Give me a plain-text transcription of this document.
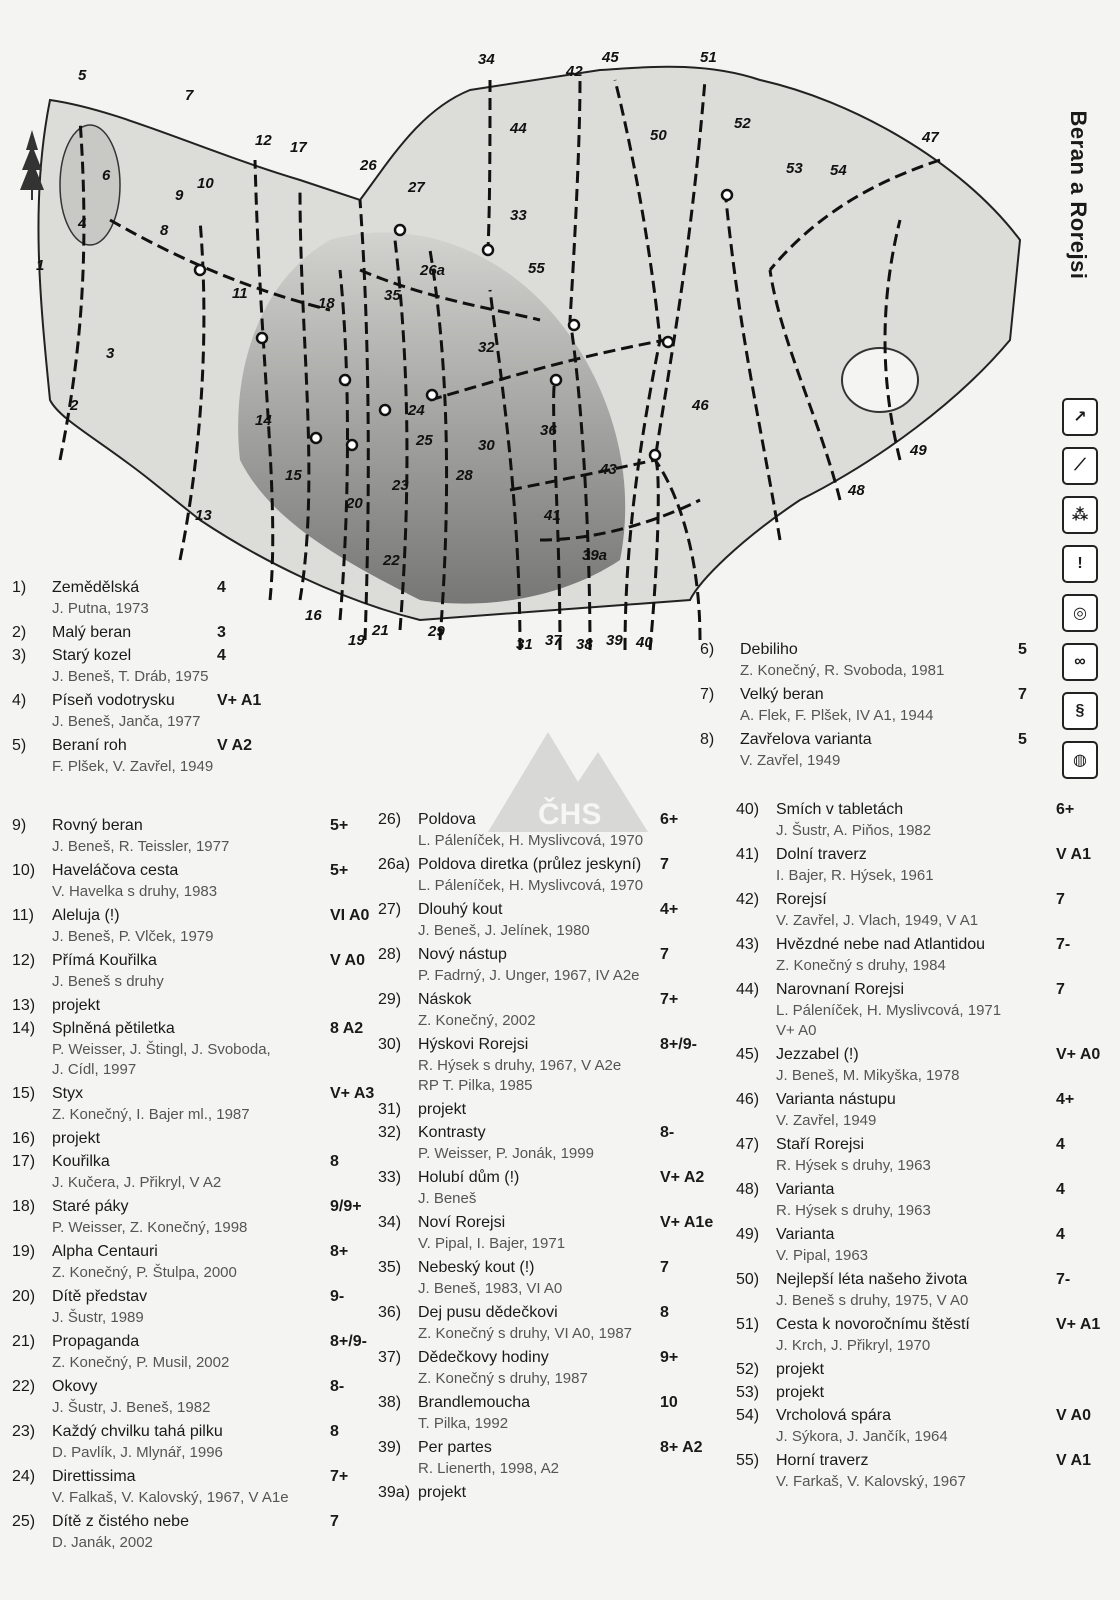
1
2
3
4
5
6
7
8
9
10
11
12
13
14
15
16
17
18
19
20
21
22
23
24
25
26
26a
27
28
29
30
31
32
33
34
35
36
37 38 39
39a
40
41
42
43
44
45
46
47
48
49
50
51
52
53 54
55	Beran a Rorejsi
↗
⟋
⁂
!
◎
∞
§
◍
ČHS
1) Zemědělská	4
J. Putna, 1973
2) Malý beran	3
3) Starý kozel	4
J. Beneš, T. Dráb, 1975
4) Píseň vodotrysku	V+ A1
J. Beneš, Janča, 1977
5) Beraní roh	V A2
F. Plšek, V. Zavřel, 1949
6) Debiliho	5
Z. Konečný, R. Svoboda, 1981
7) Velký beran	7
A. Flek, F. Plšek, IV A1, 1944
8) Zavřelova varianta	5
V. Zavřel, 1949
9) Rovný beran	5+
J. Beneš, R. Teissler, 1977
10) Haveláčova cesta	5+
V. Havelka s druhy, 1983
11) Aleluja (!)	VI A0
J. Beneš, P. Vlček, 1979
12) Přímá Kouřilka	V A0
J. Beneš s druhy
13) projekt
14) Splněná pětiletka	8 A2
P. Weisser, J. Štingl, J. Svoboda,
J. Cídl, 1997
15) Styx	V+ A3
Z. Konečný, I. Bajer ml., 1987
16) projekt
17) Kouřilka	8
J. Kučera, J. Přikryl, V A2
18) Staré páky	9/9+
P. Weisser, Z. Konečný, 1998
19) Alpha Centauri	8+
Z. Konečný, P. Štulpa, 2000
20) Dítě představ	9-
J. Šustr, 1989
21) Propaganda	8+/9-
Z. Konečný, P. Musil, 2002
22) Okovy	8-
J. Šustr, J. Beneš, 1982
23) Každý chvilku tahá pilku	8
D. Pavlík, J. Mlynář, 1996
24) Direttissima	7+
V. Falkaš, V. Kalovský, 1967, V A1e
25) Dítě z čistého nebe	7
D. Janák, 2002
26) Poldova	6+
L. Páleníček, H. Myslivcová, 1970
26a) Poldova diretka (průlez jeskyní) 7
L. Páleníček, H. Myslivcová, 1970
27) Dlouhý kout	4+
J. Beneš, J. Jelínek, 1980
28) Nový nástup	7
P. Fadrný, J. Unger, 1967, IV A2e
29) Náskok	7+
Z. Konečný, 2002
30) Hýskovi Rorejsi	8+/9-
R. Hýsek s druhy, 1967, V A2e
RP T. Pilka, 1985
31) projekt
32) Kontrasty	8-
P. Weisser, P. Jonák, 1999
33) Holubí dům (!)	V+ A2
J. Beneš
34) Noví Rorejsi	V+ A1e
V. Pipal, I. Bajer, 1971
35) Nebeský kout (!)	7
J. Beneš, 1983, VI A0
36) Dej pusu dědečkovi	8
Z. Konečný s druhy, VI A0, 1987
37) Dědečkovy hodiny	9+
Z. Konečný s druhy, 1987
38) Brandlemoucha	10
T. Pilka, 1992
39) Per partes	8+ A2
R. Lienerth, 1998, A2
39a) projekt
40) Smích v tabletách	6+
J. Šustr, A. Piňos, 1982
41) Dolní traverz	V A1
I. Bajer, R. Hýsek, 1961
42) Rorejsí	7
V. Zavřel, J. Vlach, 1949, V A1
43) Hvězdné nebe nad Atlantidou	7-
Z. Konečný s druhy, 1984
44) Narovnaní Rorejsi	7
L. Páleníček, H. Myslivcová, 1971
V+ A0
45) Jezzabel (!)	V+ A0
J. Beneš, M. Mikyška, 1978
46) Varianta nástupu	4+
V. Zavřel, 1949
47) Staří Rorejsi	4
R. Hýsek s druhy, 1963
48) Varianta	4
R. Hýsek s druhy, 1963
49) Varianta	4
V. Pipal, 1963
50) Nejlepší léta našeho života	7-
J. Beneš s druhy, 1975, V A0
51) Cesta k novoročnímu štěstí	V+ A1
J. Krch, J. Přikryl, 1970
52) projekt
53) projekt
54) Vrcholová spára	V A0
J. Sýkora, J. Jančík, 1964
55) Horní traverz	V A1
V. Farkaš, V. Kalovský, 1967
